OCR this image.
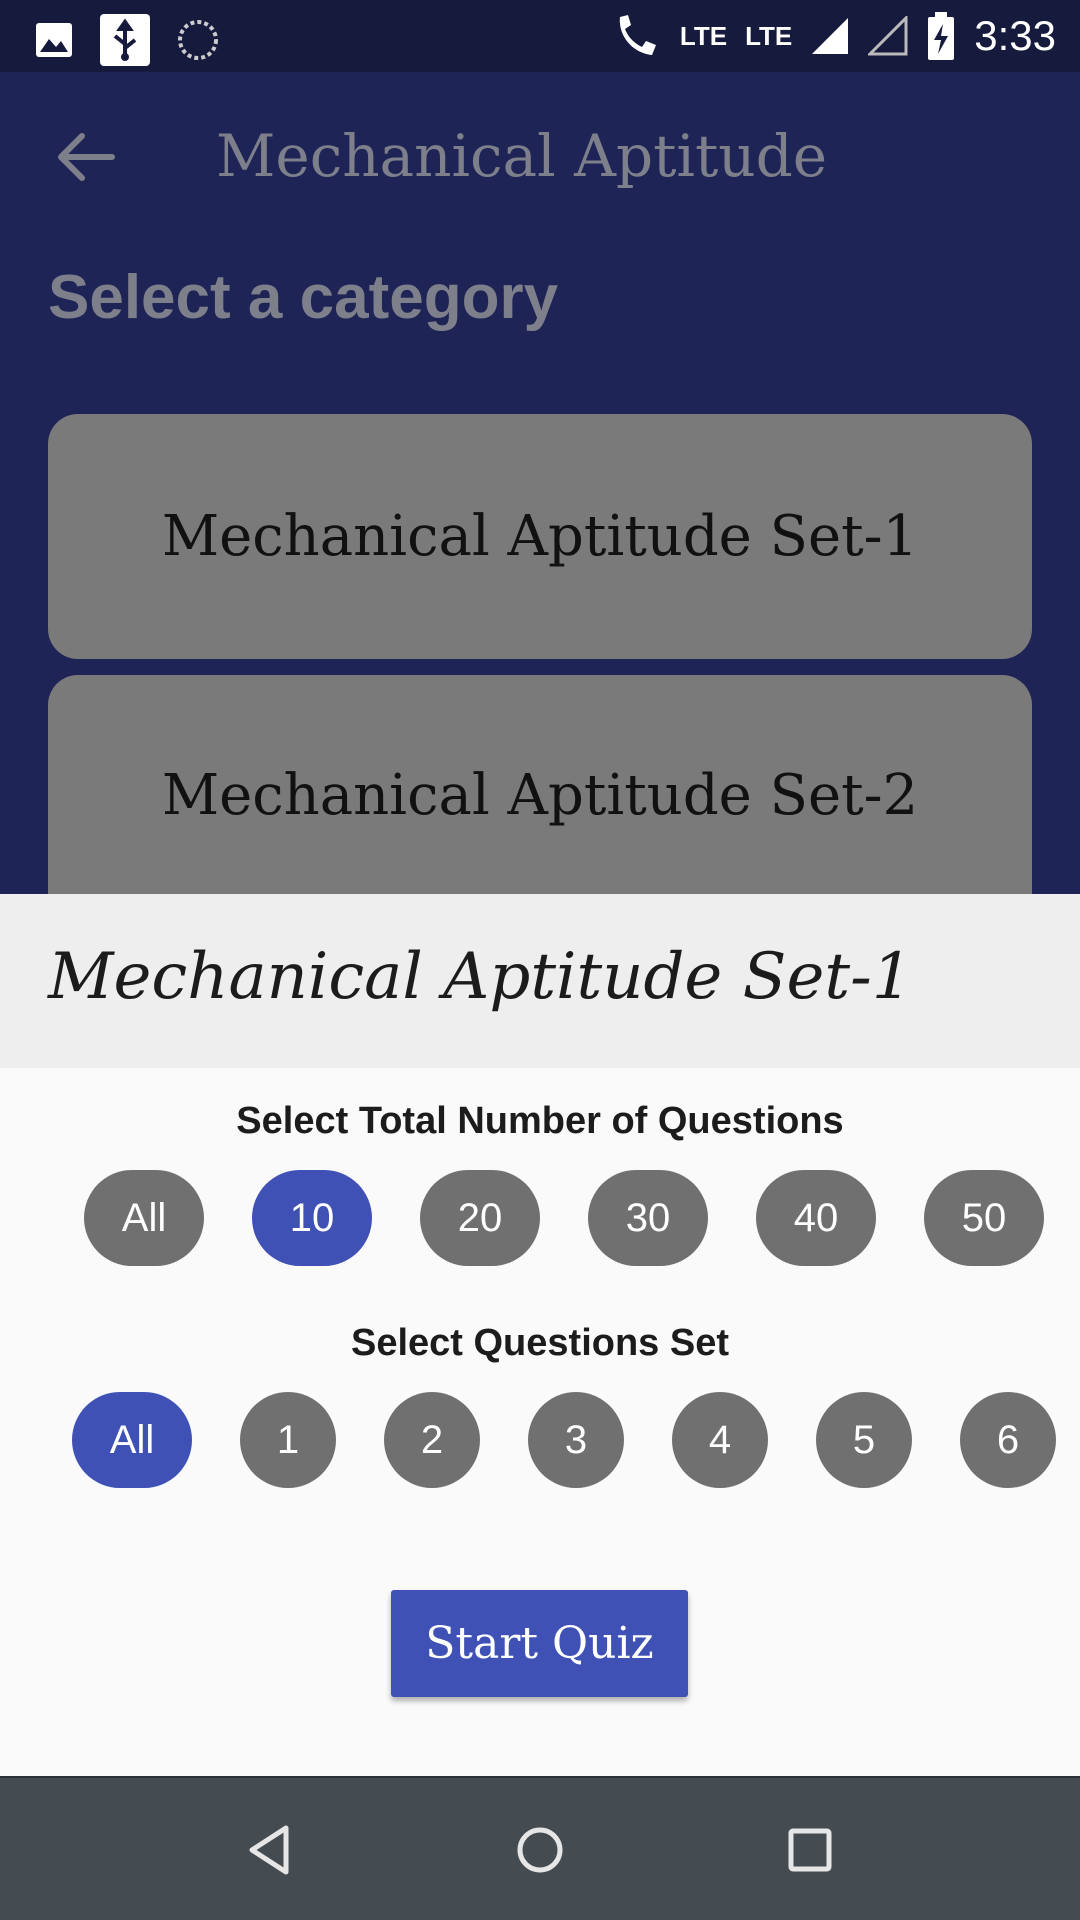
LTE LTE	3:33
Mechanical Aptitude
Select a category
Mechanical Aptitude Set-1
Mechanical Aptitude Set-2
Mechanical Aptitude Set-1
Select Total Number of Questions
All	10	20	30	40	50
Select Questions Set
All	1	2	3	4	5	6
Start Quiz
